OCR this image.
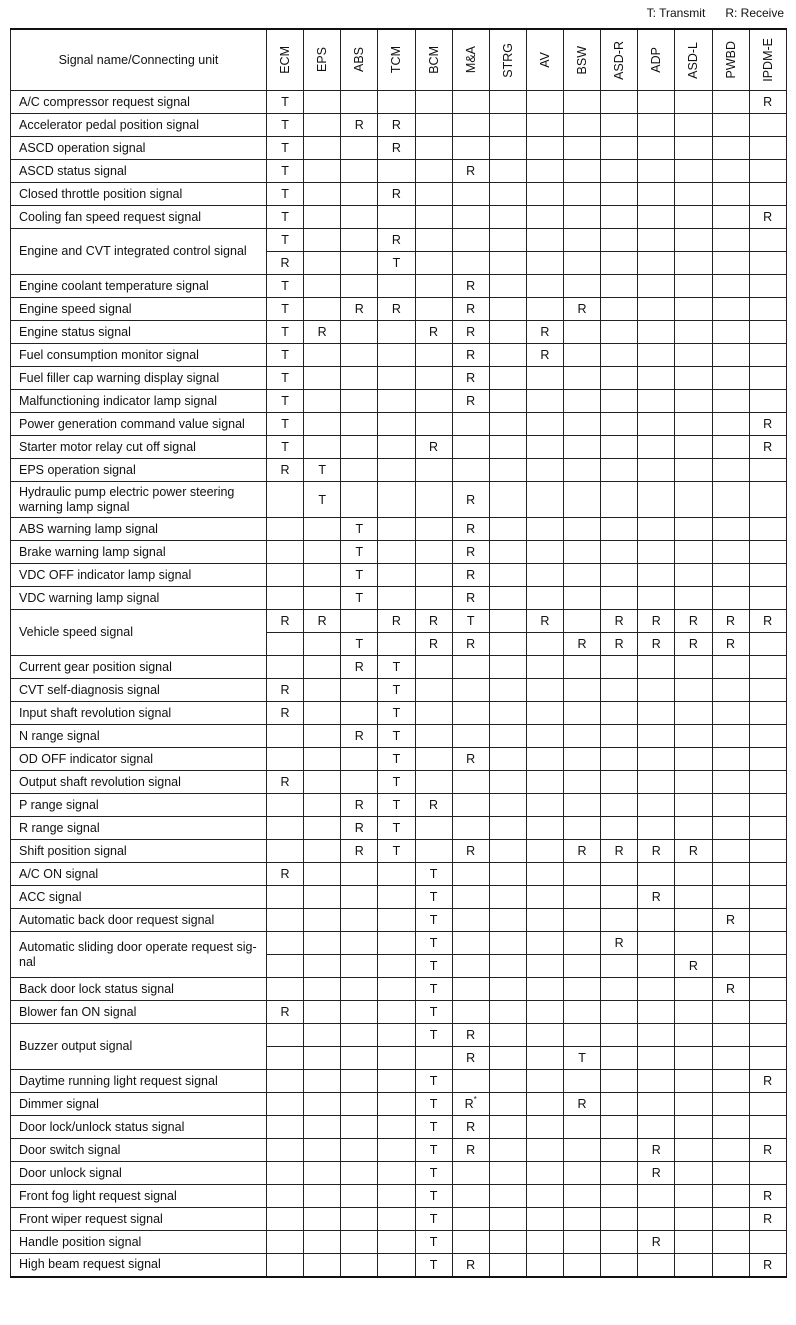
T: Transmit R: Receive
Signal name/Connecting unit	ECM	EPS	ABS	TCM	BCM	M&A	STRG	AV	BSW	ASD-R	ADP	ASD-L	PWBD	IPDM-E

A/C compressor request signal	T													R
Accelerator pedal position signal	T		R	R										
ASCD operation signal	T			R										
ASCD status signal	T					R								
Closed throttle position signal	T			R										
Cooling fan speed request signal	T													R
Engine and CVT integrated control signal	T			R										
	R			T										
Engine coolant temperature signal	T					R								
Engine speed signal	T		R	R		R			R					
Engine status signal	T	R			R	R		R						
Fuel consumption monitor signal	T					R		R						
Fuel filler cap warning display signal	T					R								
Malfunctioning indicator lamp signal	T					R								
Power generation command value signal	T													R
Starter motor relay cut off signal	T				R									R
EPS operation signal	R	T												
Hydraulic pump electric power steering warning lamp signal		T				R								
ABS warning lamp signal			T			R								
Brake warning lamp signal			T			R								
VDC OFF indicator lamp signal			T			R								
VDC warning lamp signal			T			R								
Vehicle speed signal	R	R		R	R	T		R		R	R	R	R	R
			T		R	R			R	R	R	R	R	
Current gear position signal			R	T										
CVT self-diagnosis signal	R			T										
Input shaft revolution signal	R			T										
N range signal			R	T										
OD OFF indicator signal				T		R								
Output shaft revolution signal	R			T										
P range signal			R	T	R									
R range signal			R	T										
Shift position signal			R	T		R			R	R	R	R		
A/C ON signal	R				T									
ACC signal					T						R			
Automatic back door request signal					T								R	
Automatic sliding door operate request sig-nal					T					R				
					T							R		
Back door lock status signal					T								R	
Blower fan ON signal	R				T									
Buzzer output signal					T	R								
						R			T					
Daytime running light request signal					T									R
Dimmer signal					T	R*			R					
Door lock/unlock status signal					T	R								
Door switch signal					T	R					R			R
Door unlock signal					T						R			
Front fog light request signal					T									R
Front wiper request signal					T									R
Handle position signal					T						R			
High beam request signal					T	R								R
